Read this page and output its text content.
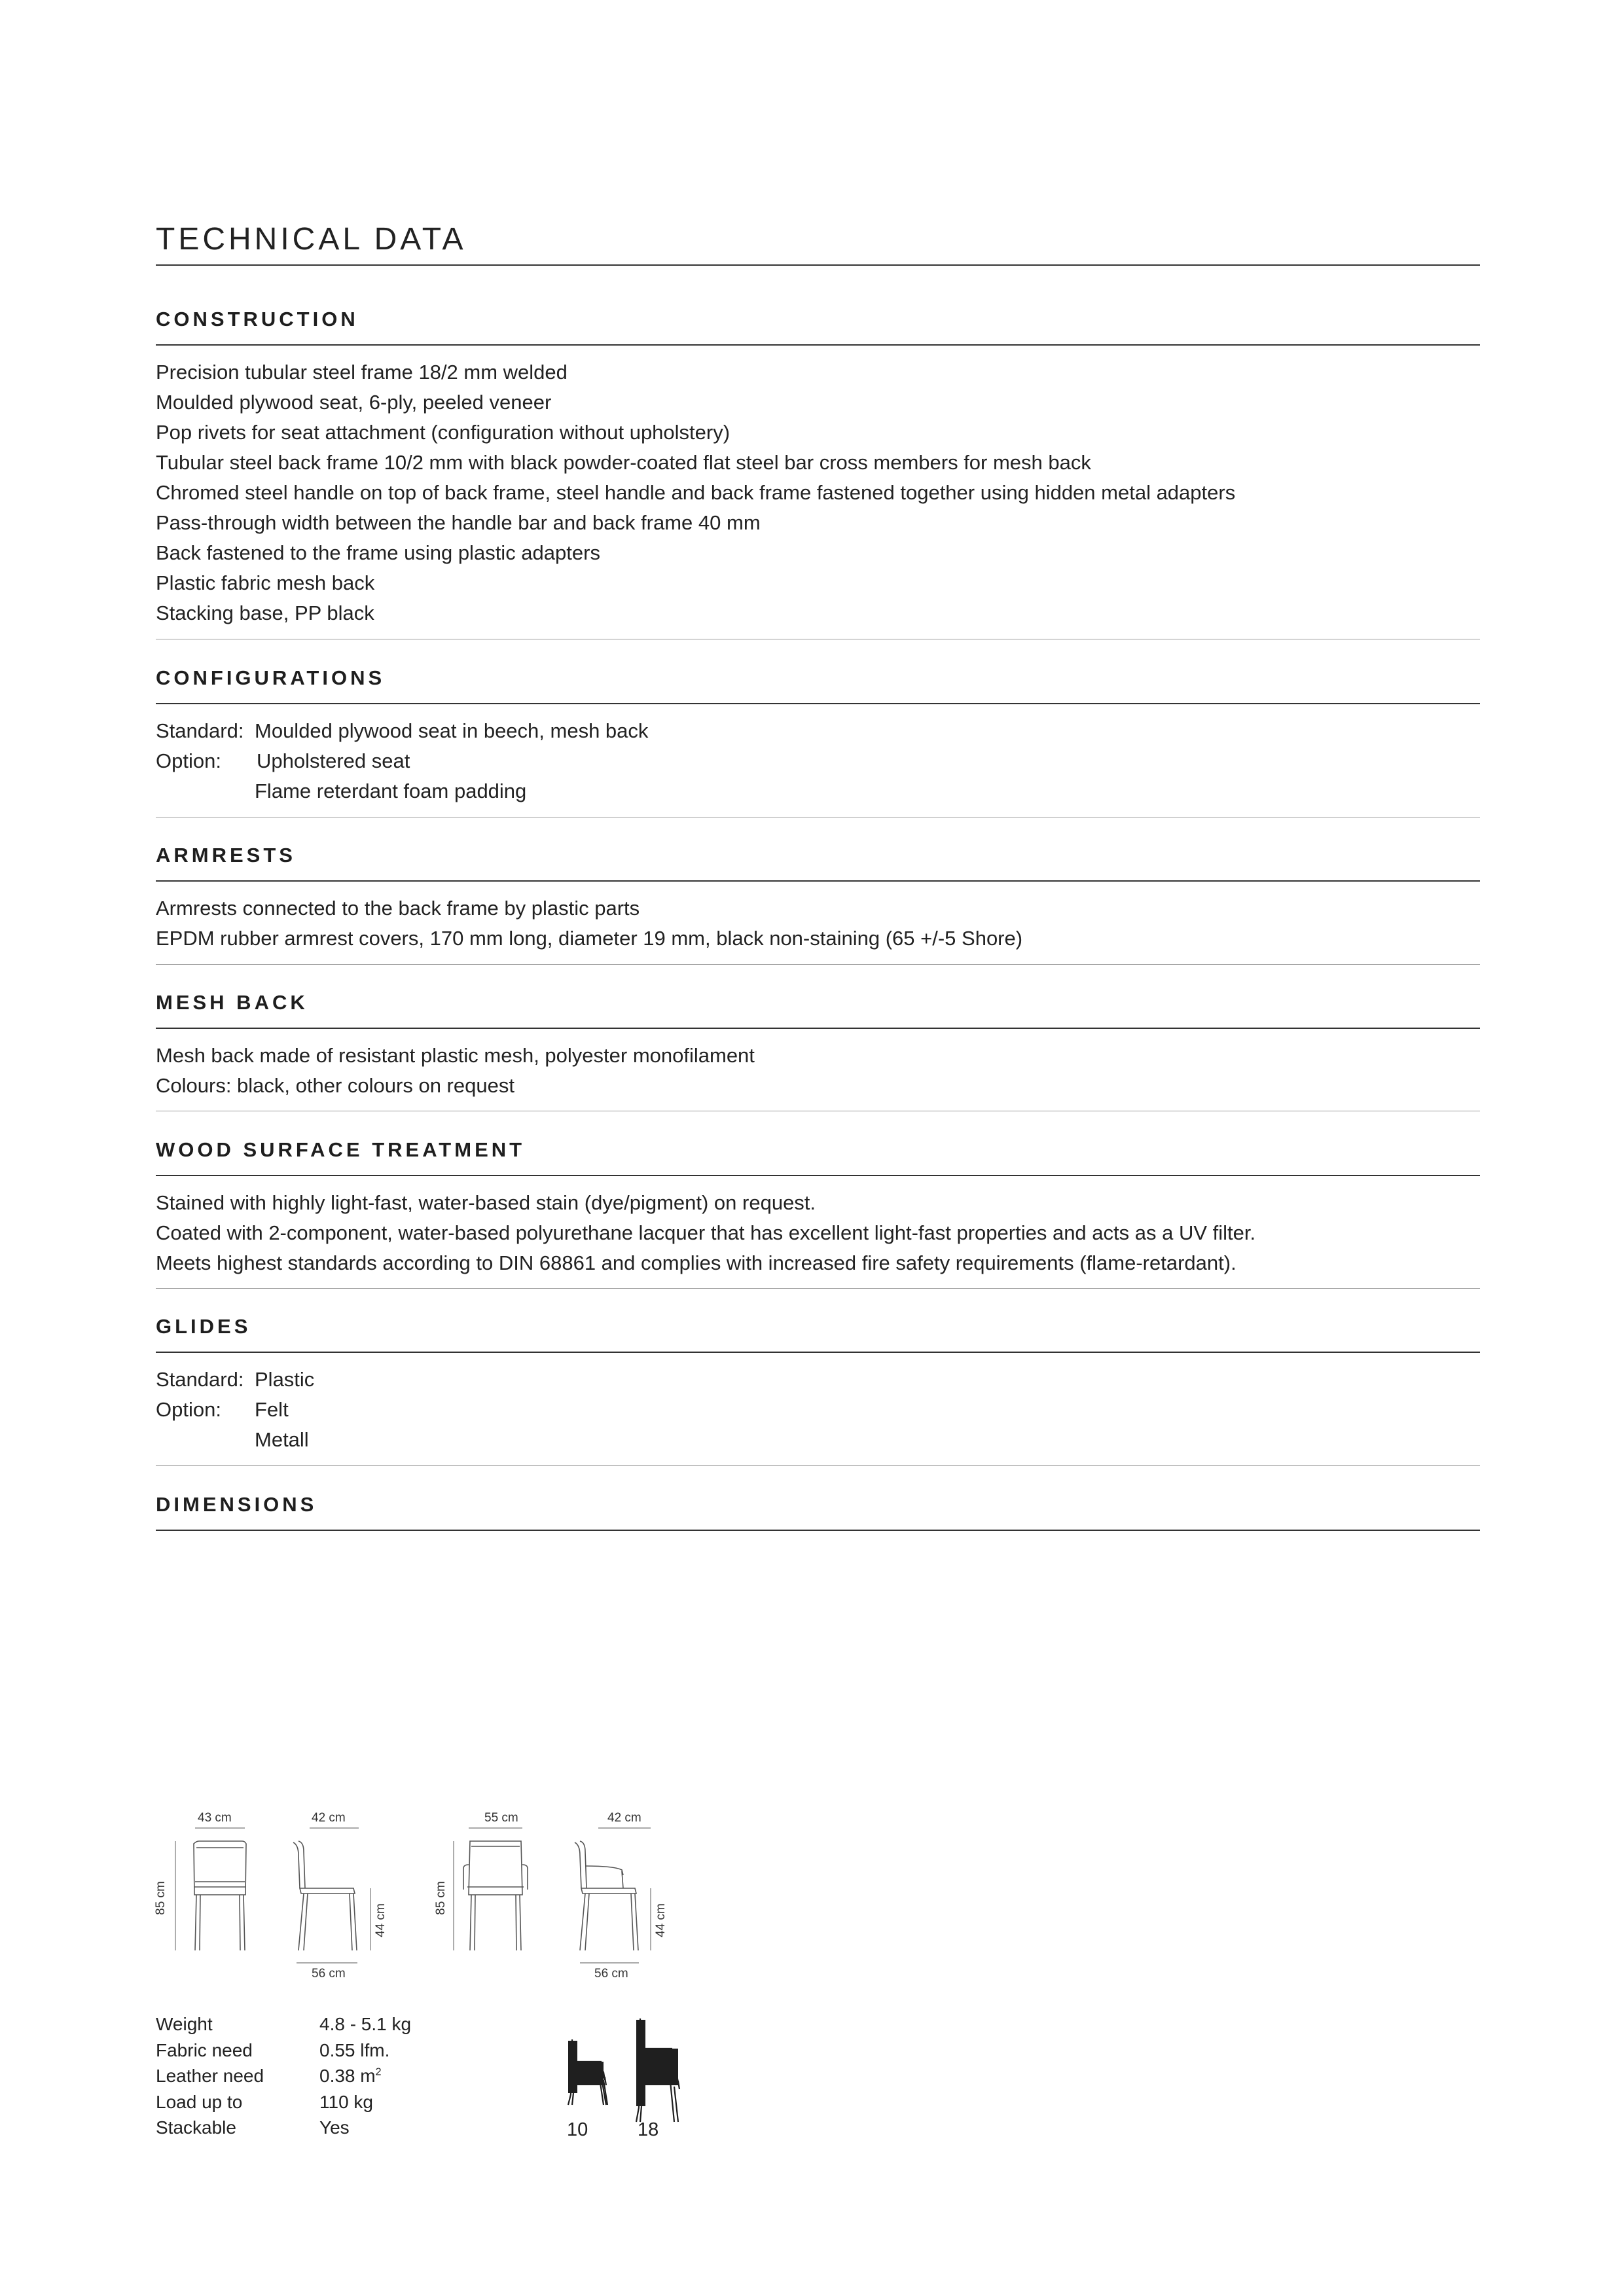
TECHNICAL DATA
CONSTRUCTION
Precision tubular steel frame 18/2 mm welded
Moulded plywood seat, 6-ply, peeled veneer
Pop rivets for seat attachment (configuration without upholstery)
Tubular steel back frame 10/2 mm with black powder-coated flat steel bar cross members for mesh back
Chromed steel handle on top of back frame, steel handle and back frame fastened together using hidden metal adapters
Pass-through width between the handle bar and back frame 40 mm
Back fastened to the frame using plastic adapters
Plastic fabric mesh back
Stacking base, PP black
CONFIGURATIONS
Standard: Moulded plywood seat in beech, mesh back
Option:	Upholstered seat
Flame reterdant foam padding
ARMRESTS
Armrests connected to the back frame by plastic parts
EPDM rubber armrest covers, 170 mm long, diameter 19 mm, black non-staining (65 +/-5 Shore)
MESH BACK
Mesh back made of resistant plastic mesh, polyester monofilament
Colours: black, other colours on request
WOOD SURFACE TREATMENT
Stained with highly light-fast, water-based stain (dye/pigment) on request.
Coated with 2-component, water-based polyurethane lacquer that has excellent light-fast properties and acts as a UV filter.
Meets highest standards according to DIN 68861 and complies with increased fire safety requirements (flame-retardant).
GLIDES
Standard: Plastic
Option:	Felt
Metall
DIMENSIONS
43 cm	42 cm
85 cm
44 cm
56 cm
55 cm	42 cm
85 cm
44 cm
56 cm
Weight	4.8 - 5.1 kg
Fabric need	0.55 lfm.
Leather need	0.38 $m^2$
Load up to	110 kg
Stackable	Yes	10	18
